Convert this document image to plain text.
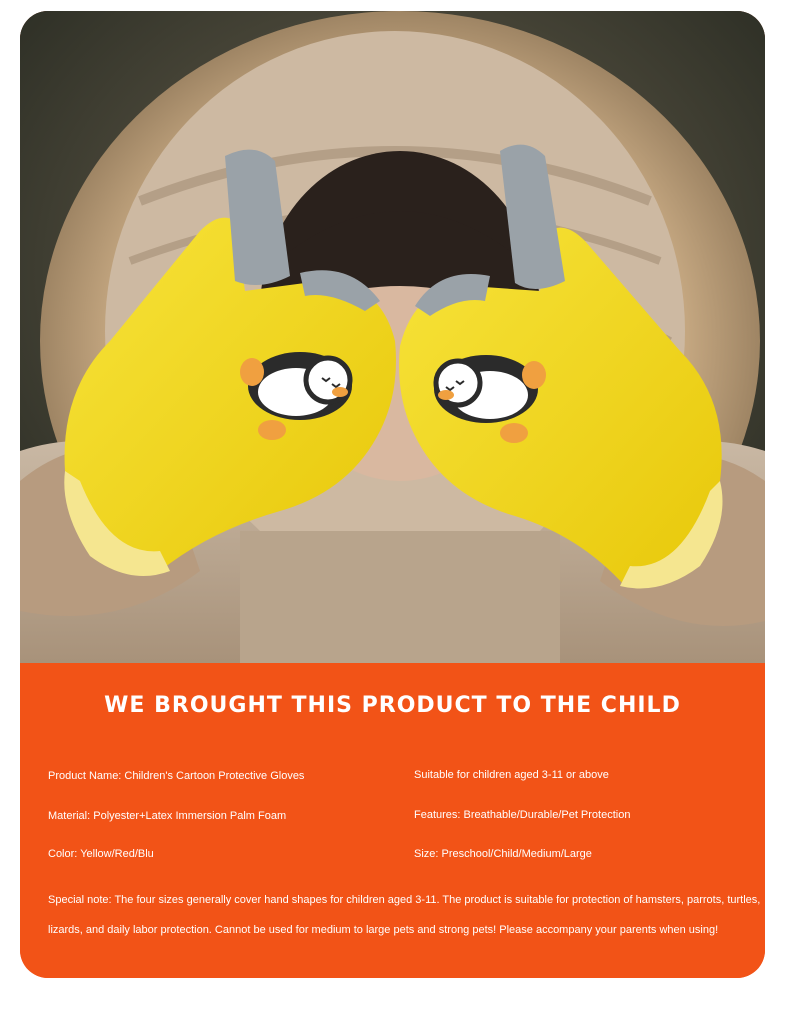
WE BROUGHT THIS PRODUCT TO THE CHILD
Product Name: Children's Cartoon Protective Gloves	Suitable for children aged 3-11 or above
Material: Polyester+Latex Immersion Palm Foam	Features: Breathable/Durable/Pet Protection
Color: Yellow/Red/Blu	Size: Preschool/Child/Medium/Large
Special note: The four sizes generally cover hand shapes for children aged 3-11. The product is suitable for protection of hamsters, parrots, turtles, lizards, and daily labor protection. Cannot be used for medium to large pets and strong pets! Please accompany your parents when using!
